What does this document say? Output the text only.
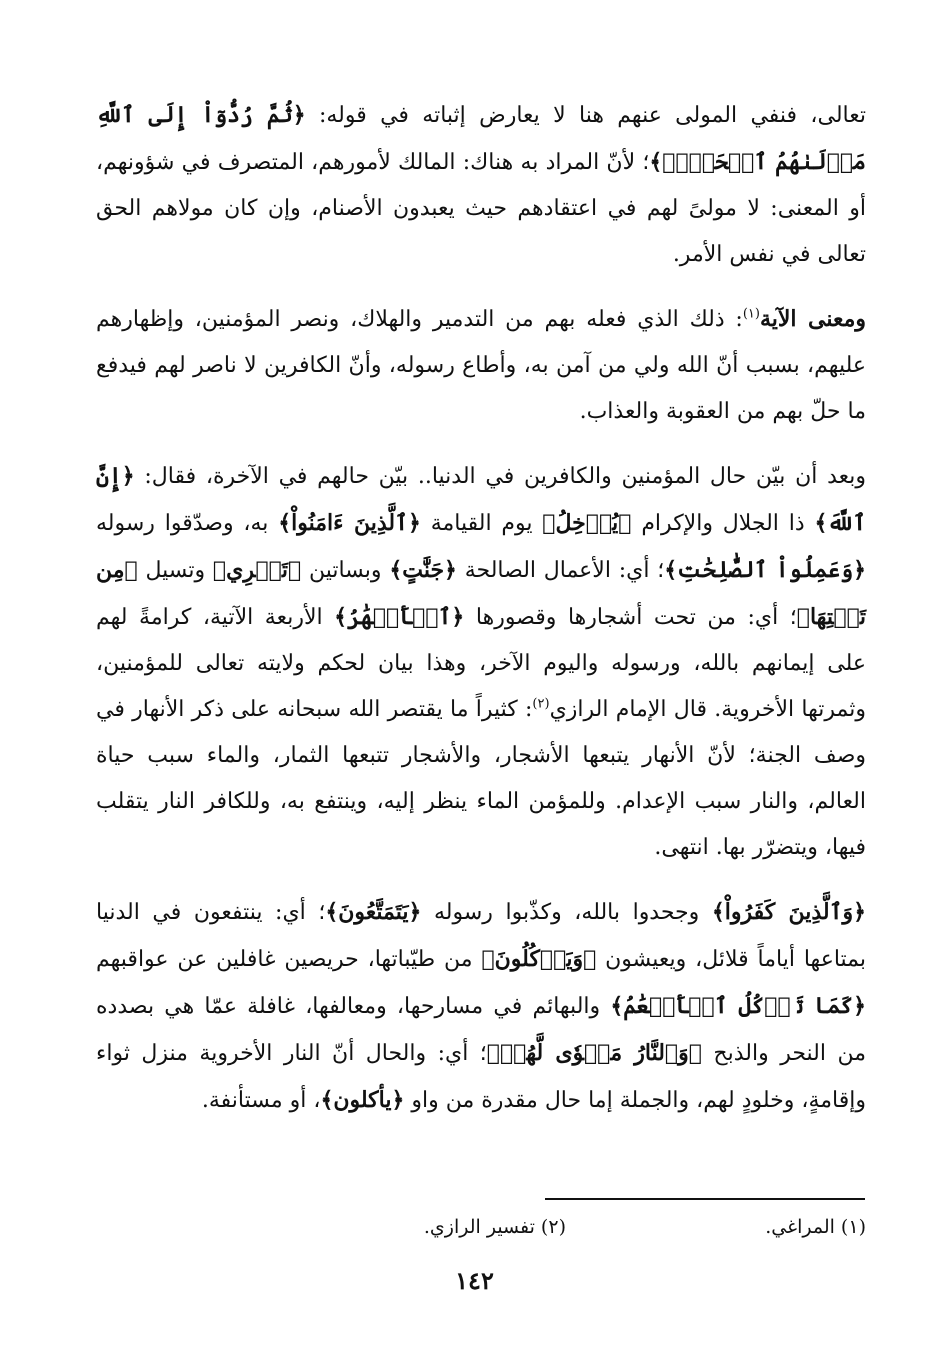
تعالى، فنفي المولى عنهم هنا لا يعارض إثباته في قوله: ﴿ثُمَّ رُدُّوٓاْ إِلَى ٱللَّهِ مَوۡلَىٰهُمُ ٱلۡحَقِّۚ﴾؛ لأنّ المراد به هناك: المالك لأمورهم، المتصرف في شؤونهم، أو المعنى: لا مولىً لهم في اعتقادهم حيث يعبدون الأصنام، وإن كان مولاهم الحق تعالى في نفس الأمر.

ومعنى الآية$^{(١)}$: ذلك الذي فعله بهم من التدمير والهلاك، ونصر المؤمنين، وإظهارهم عليهم، بسبب أنّ الله ولي من آمن به، وأطاع رسوله، وأنّ الكافرين لا ناصر لهم فيدفع ما حلّ بهم من العقوبة والعذاب.

وبعد أن بيّن حال المؤمنين والكافرين في الدنيا.. بيّن حالهم في الآخرة، فقال: ﴿إِنَّ ٱللَّهَ﴾ ذا الجلال والإكرام ﴿يُدۡخِلُ﴾ يوم القيامة ﴿ٱلَّذِينَ ءَامَنُواْ﴾ به، وصدّقوا رسوله ﴿وَعَمِلُواْ ٱلصَّٰلِحَٰتِ﴾؛ أي: الأعمال الصالحة ﴿جَنَّٰتٍ﴾ وبساتين ﴿تَجۡرِي﴾ وتسيل ﴿مِن تَحۡتِهَا﴾؛ أي: من تحت أشجارها وقصورها ﴿ٱلۡأَنۡهَٰرُ﴾ الأربعة الآتية، كرامةً لهم على إيمانهم بالله، ورسوله واليوم الآخر، وهذا بيان لحكم ولايته تعالى للمؤمنين، وثمرتها الأخروية. قال الإمام الرازي$^{(٢)}$: كثيراً ما يقتصر الله سبحانه على ذكر الأنهار في وصف الجنة؛ لأنّ الأنهار يتبعها الأشجار، والأشجار تتبعها الثمار، والماء سبب حياة العالم، والنار سبب الإعدام. وللمؤمن الماء ينظر إليه، وينتفع به، وللكافر النار يتقلب فيها، ويتضرّر بها. انتهى.

﴿وَٱلَّذِينَ كَفَرُواْ﴾ وجحدوا بالله، وكذّبوا رسوله ﴿يَتَمَتَّعُونَ﴾؛ أي: ينتفعون في الدنيا بمتاعها أياماً قلائل، ويعيشون ﴿وَيَأۡكُلُونَ﴾ من طيّباتها، حريصين غافلين عن عواقبهم ﴿كَمَا تَأۡكُلُ ٱلۡأَنۡعَٰمُ﴾ والبهائم في مسارحها، ومعالفها، غافلة عمّا هي بصدده من النحر والذبح ﴿وَٱلنَّارُ مَثۡوٗى لَّهُمۡ﴾؛ أي: والحال أنّ النار الأخروية منزل ثواء وإقامةٍ، وخلودٍ لهم، والجملة إما حال مقدرة من واو ﴿يأكلون﴾، أو مستأنفة.

(١) المراغي.
(٢) تفسير الرازي.
١٤٢
